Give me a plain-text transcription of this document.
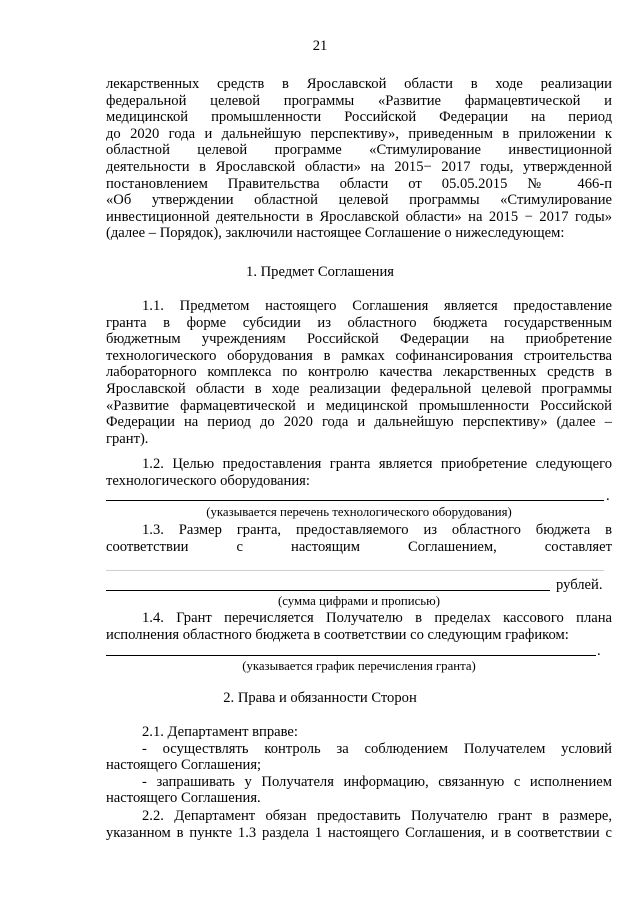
21
лекарственных средств в Ярославской области в ходе реализации
федеральной целевой программы «Развитие фармацевтической и
медицинской промышленности Российской Федерации на период
до 2020 года и дальнейшую перспективу», приведенным в приложении к
областной целевой программе «Стимулирование инвестиционной
деятельности в Ярославской области» на 2015− 2017 годы, утвержденной
постановлением Правительства области от 05.05.2015 № 466-п
«Об утверждении областной целевой программы «Стимулирование
инвестиционной деятельности в Ярославской области» на 2015 − 2017 годы»
(далее – Порядок), заключили настоящее Соглашение о нижеследующем:
1. Предмет Соглашения
1.1. Предметом настоящего Соглашения является предоставление
гранта в форме субсидии из областного бюджета государственным
бюджетным учреждениям Российской Федерации на приобретение
технологического оборудования в рамках софинансирования строительства
лабораторного комплекса по контролю качества лекарственных средств в
Ярославской области в ходе реализации федеральной целевой программы
«Развитие фармацевтической и медицинской промышленности Российской
Федерации на период до 2020 года и дальнейшую перспективу» (далее –
грант).
1.2. Целью предоставления гранта является приобретение следующего
технологического оборудования:
.
(указывается перечень технологического оборудования)
1.3. Размер гранта, предоставляемого из областного бюджета в
соответствии с настоящим Соглашением, составляет
рублей.
(сумма цифрами и прописью)
1.4. Грант перечисляется Получателю в пределах кассового плана
исполнения областного бюджета в соответствии со следующим графиком:
.
(указывается график перечисления гранта)
2. Права и обязанности Сторон
2.1. Департамент вправе:
- осуществлять контроль за соблюдением Получателем условий
настоящего Соглашения;
- запрашивать у Получателя информацию, связанную с исполнением
настоящего Соглашения.
2.2. Департамент обязан предоставить Получателю грант в размере,
указанном в пункте 1.3 раздела 1 настоящего Соглашения, и в соответствии с
